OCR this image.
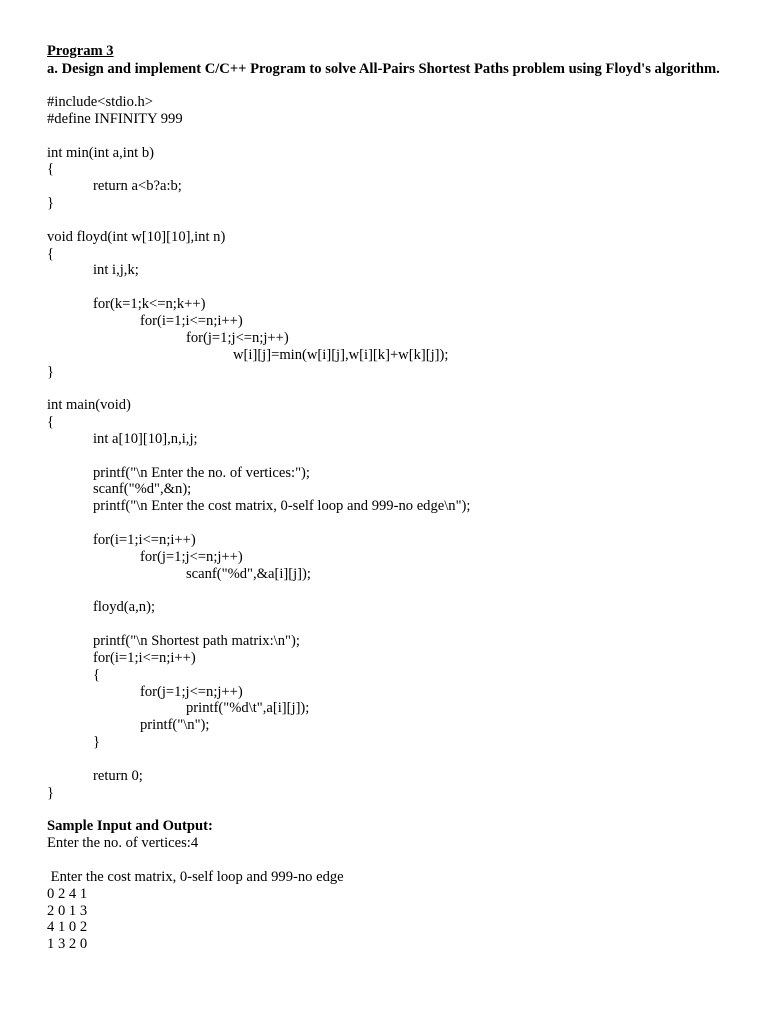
Program 3
a. Design and implement C/C++ Program to solve All-Pairs Shortest Paths problem using Floyd's algorithm.
#include<stdio.h>
#define INFINITY 999
int min(int a,int b)
{
return a<b?a:b;
}
void floyd(int w[10][10],int n)
{
int i,j,k;
for(k=1;k<=n;k++)
for(i=1;i<=n;i++)
for(j=1;j<=n;j++)
w[i][j]=min(w[i][j],w[i][k]+w[k][j]);
}
int main(void)
{
int a[10][10],n,i,j;
printf("\n Enter the no. of vertices:");
scanf("%d",&n);
printf("\n Enter the cost matrix, 0-self loop and 999-no edge\n");
for(i=1;i<=n;i++)
for(j=1;j<=n;j++)
scanf("%d",&a[i][j]);
floyd(a,n);
printf("\n Shortest path matrix:\n");
for(i=1;i<=n;i++)
{
for(j=1;j<=n;j++)
printf("%d\t",a[i][j]);
printf("\n");
}
return 0;
}
Sample Input and Output:
Enter the no. of vertices:4
Enter the cost matrix, 0-self loop and 999-no edge
0 2 4 1
2 0 1 3
4 1 0 2
1 3 2 0
